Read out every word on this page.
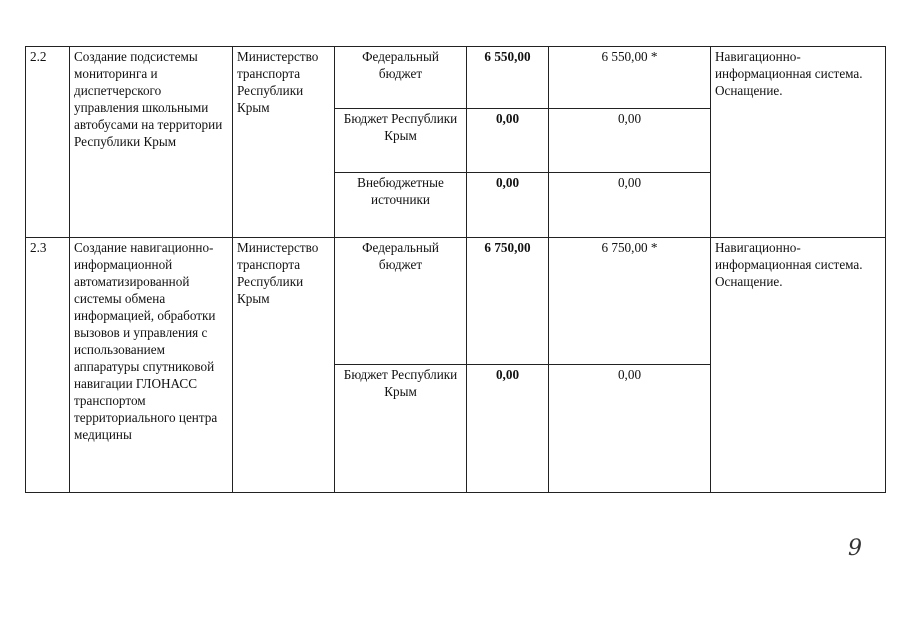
2.2	Создание подсистемы мониторинга и диспетчерского управления школьными автобусами на территории Республики Крым	Министерство транспорта Республики Крым	Федеральный бюджет	6 550,00	6 550,00 *	Навигационно-информационная система. Оснащение.
			Бюджет Республики Крым	0,00	0,00	
			Внебюджетные источники	0,00	0,00	
2.3	Создание навигационно-информационной автоматизированной системы обмена информацией, обработки вызовов и управления с использованием аппаратуры спутниковой навигации ГЛОНАСС транспортом территориального центра медицины	Министерство транспорта Республики Крым	Федеральный бюджет	6 750,00	6 750,00 *	Навигационно-информационная система. Оснащение.
			Бюджет Республики Крым	0,00	0,00	
9
